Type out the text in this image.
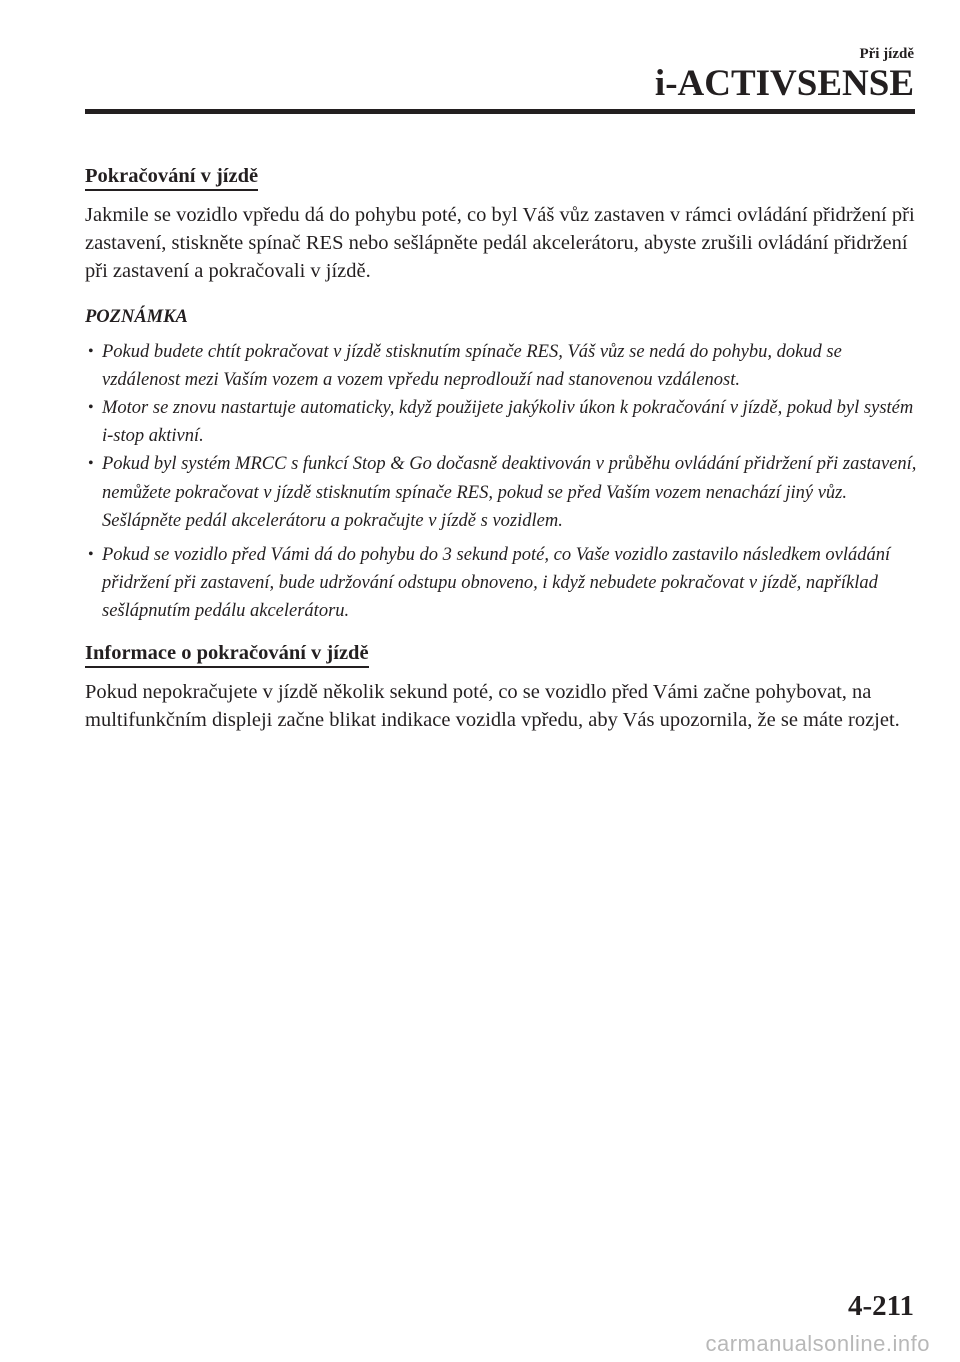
Při jízdě
i-ACTIVSENSE
Pokračování v jízdě

Jakmile se vozidlo vpředu dá do pohybu poté, co byl Váš vůz zastaven v rámci ovládání přidržení při zastavení, stiskněte spínač RES nebo sešlápněte pedál akcelerátoru, abyste zrušili ovládání přidržení při zastavení a pokračovali v jízdě.

POZNÁMKA
• Pokud budete chtít pokračovat v jízdě stisknutím spínače RES, Váš vůz se nedá do pohybu, dokud se vzdálenost mezi Vaším vozem a vozem vpředu neprodlouží nad stanovenou vzdálenost.
• Motor se znovu nastartuje automaticky, když použijete jakýkoliv úkon k pokračování v jízdě, pokud byl systém i-stop aktivní.
• Pokud byl systém MRCC s funkcí Stop & Go dočasně deaktivován v průběhu ovládání přidržení při zastavení, nemůžete pokračovat v jízdě stisknutím spínače RES, pokud se před Vaším vozem nenachází jiný vůz. Sešlápněte pedál akcelerátoru a pokračujte v jízdě s vozidlem.
• Pokud se vozidlo před Vámi dá do pohybu do 3 sekund poté, co Vaše vozidlo zastavilo následkem ovládání přidržení při zastavení, bude udržování odstupu obnoveno, i když nebudete pokračovat v jízdě, například sešlápnutím pedálu akcelerátoru.
Informace o pokračování v jízdě

Pokud nepokračujete v jízdě několik sekund poté, co se vozidlo před Vámi začne pohybovat, na multifunkčním displeji začne blikat indikace vozidla vpředu, aby Vás upozornila, že se máte rozjet.

4-211
carmanualsonline.info
